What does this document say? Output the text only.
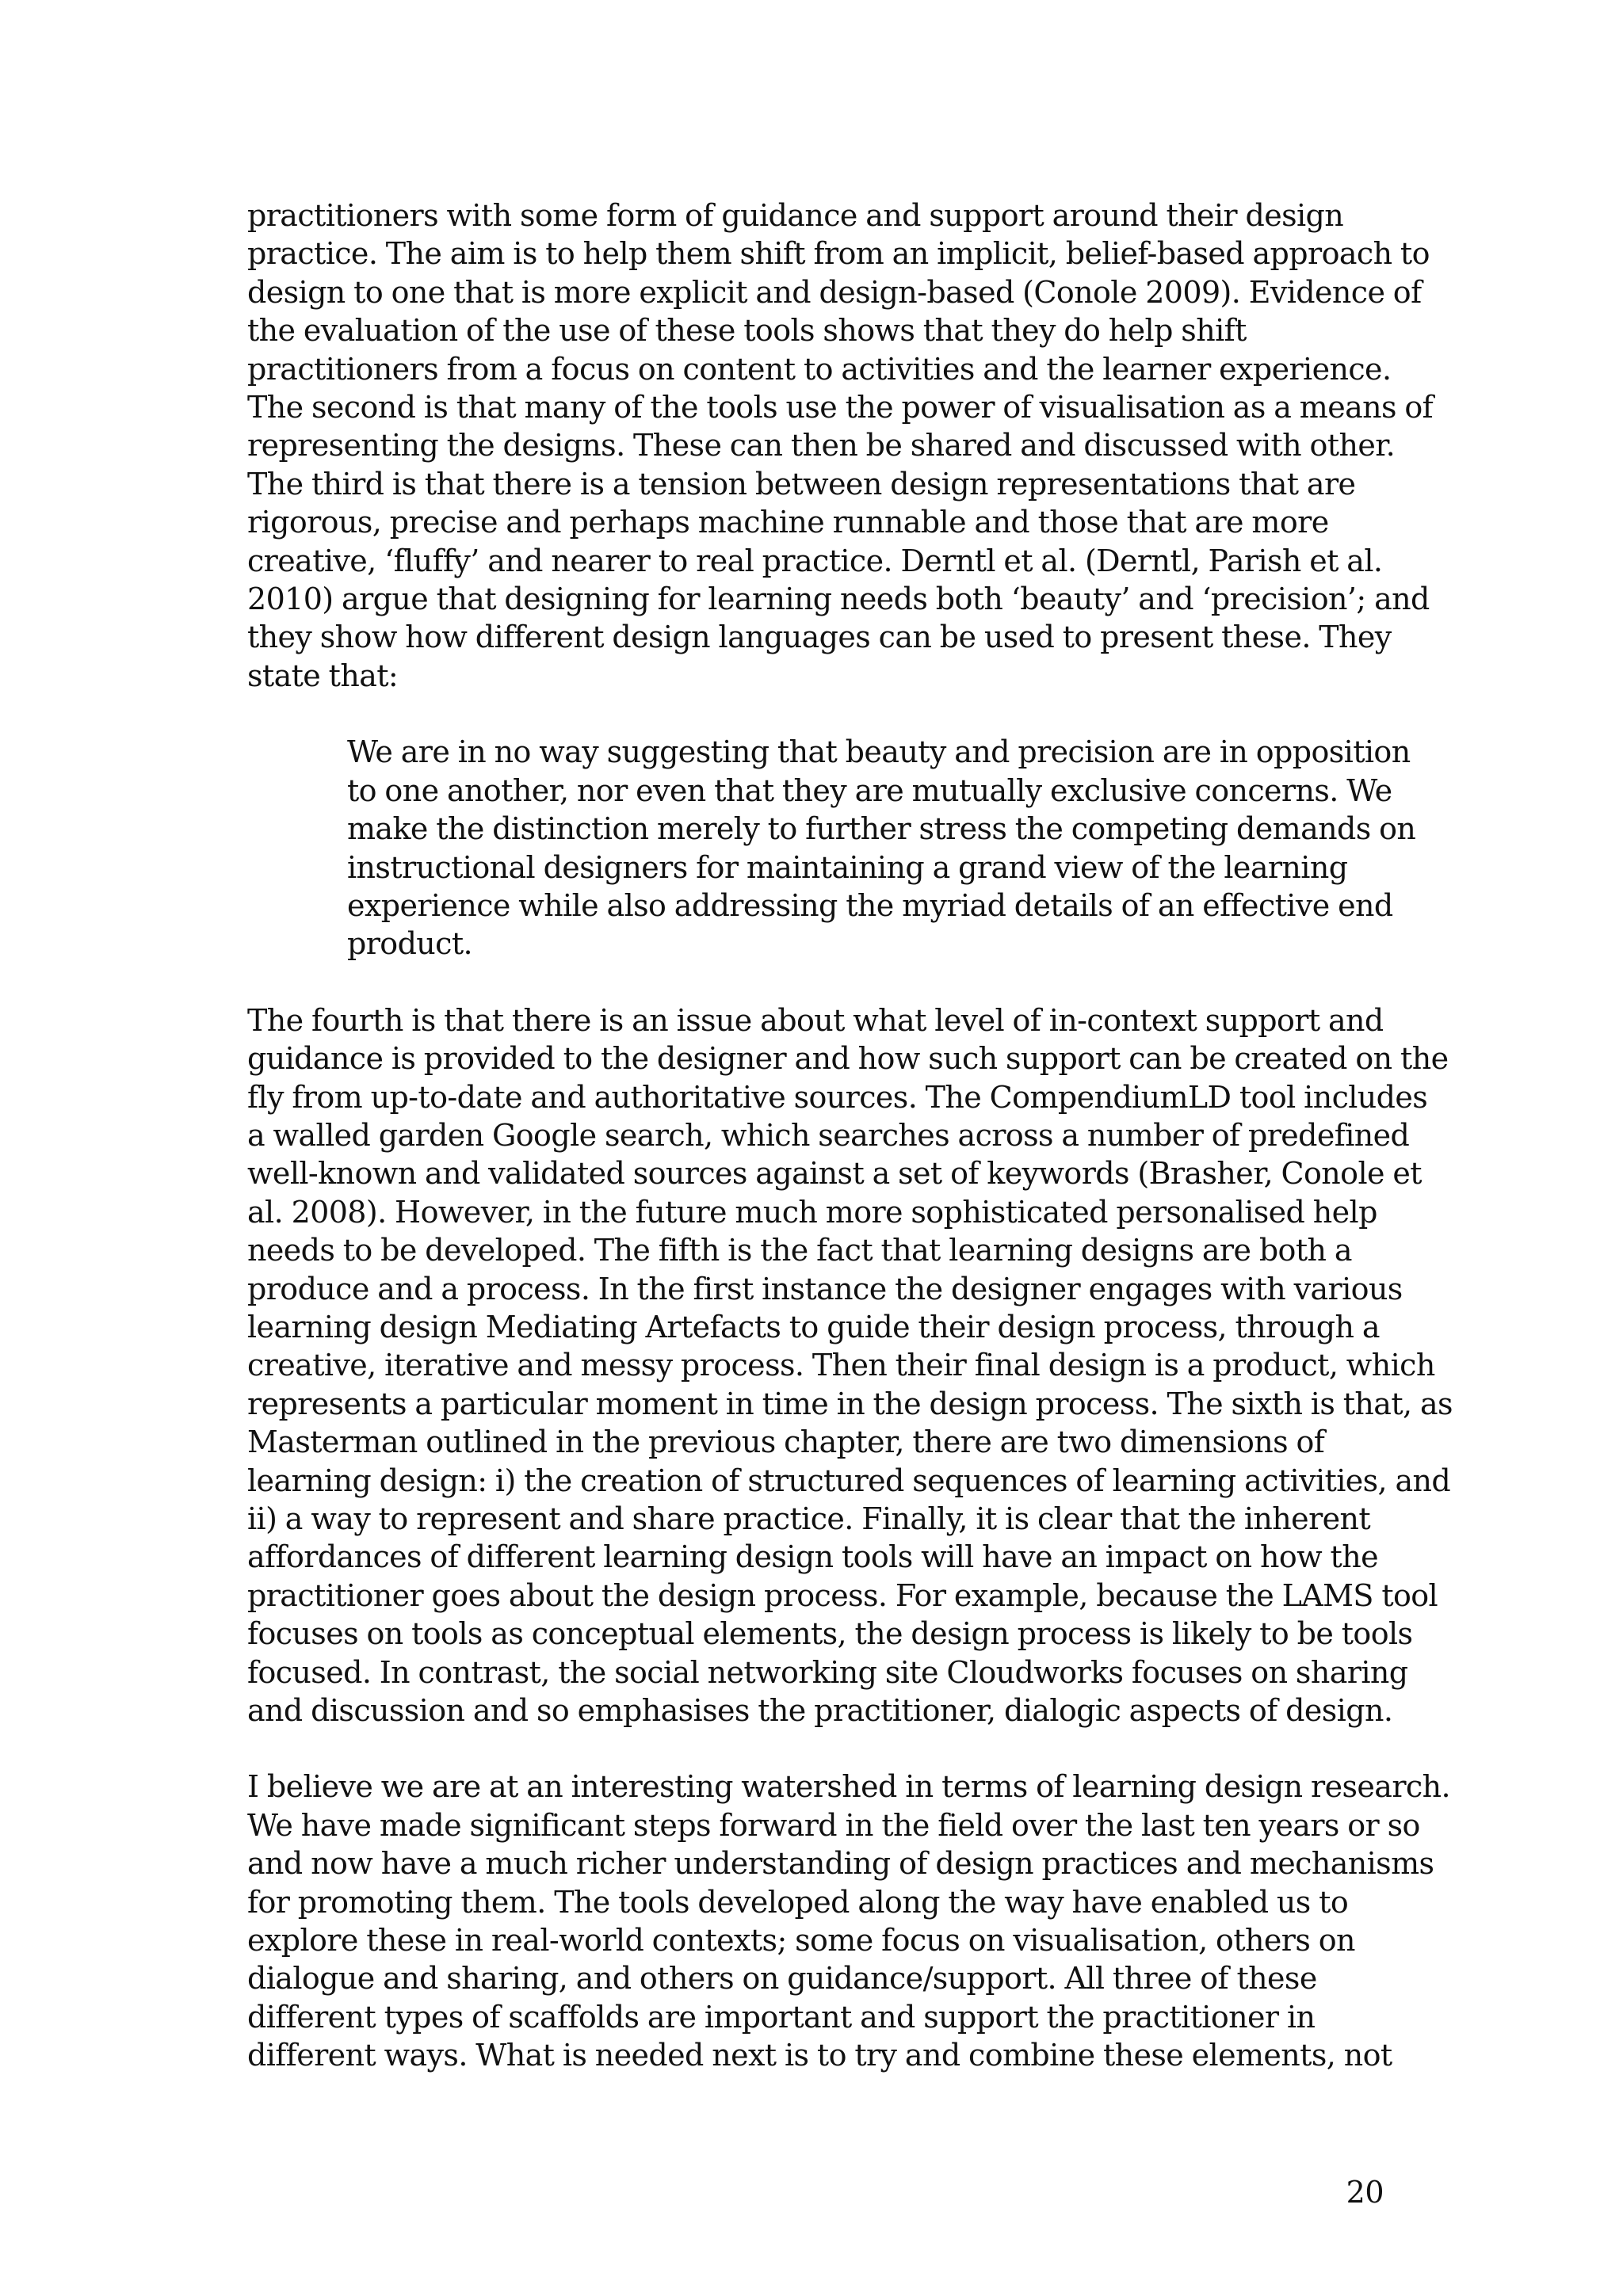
practitioners with some form of guidance and support around their design
practice. The aim is to help them shift from an implicit, belief-based approach to
design to one that is more explicit and design-based (Conole 2009). Evidence of
the evaluation of the use of these tools shows that they do help shift
practitioners from a focus on content to activities and the learner experience.
The second is that many of the tools use the power of visualisation as a means of
representing the designs. These can then be shared and discussed with other.
The third is that there is a tension between design representations that are
rigorous, precise and perhaps machine runnable and those that are more
creative, ‘fluffy’ and nearer to real practice. Derntl et al. (Derntl, Parish et al.
2010) argue that designing for learning needs both ‘beauty’ and ‘precision’; and
they show how different design languages can be used to present these. They
state that:
We are in no way suggesting that beauty and precision are in opposition
to one another, nor even that they are mutually exclusive concerns. We
make the distinction merely to further stress the competing demands on
instructional designers for maintaining a grand view of the learning
experience while also addressing the myriad details of an effective end
product.
The fourth is that there is an issue about what level of in-context support and
guidance is provided to the designer and how such support can be created on the
fly from up-to-date and authoritative sources. The CompendiumLD tool includes
a walled garden Google search, which searches across a number of predefined
well-known and validated sources against a set of keywords (Brasher, Conole et
al. 2008). However, in the future much more sophisticated personalised help
needs to be developed. The fifth is the fact that learning designs are both a
produce and a process. In the first instance the designer engages with various
learning design Mediating Artefacts to guide their design process, through a
creative, iterative and messy process. Then their final design is a product, which
represents a particular moment in time in the design process. The sixth is that, as
Masterman outlined in the previous chapter, there are two dimensions of
learning design: i) the creation of structured sequences of learning activities, and
ii) a way to represent and share practice. Finally, it is clear that the inherent
affordances of different learning design tools will have an impact on how the
practitioner goes about the design process. For example, because the LAMS tool
focuses on tools as conceptual elements, the design process is likely to be tools
focused. In contrast, the social networking site Cloudworks focuses on sharing
and discussion and so emphasises the practitioner, dialogic aspects of design.
I believe we are at an interesting watershed in terms of learning design research.
We have made significant steps forward in the field over the last ten years or so
and now have a much richer understanding of design practices and mechanisms
for promoting them. The tools developed along the way have enabled us to
explore these in real-world contexts; some focus on visualisation, others on
dialogue and sharing, and others on guidance/support. All three of these
different types of scaffolds are important and support the practitioner in
different ways. What is needed next is to try and combine these elements, not
20
